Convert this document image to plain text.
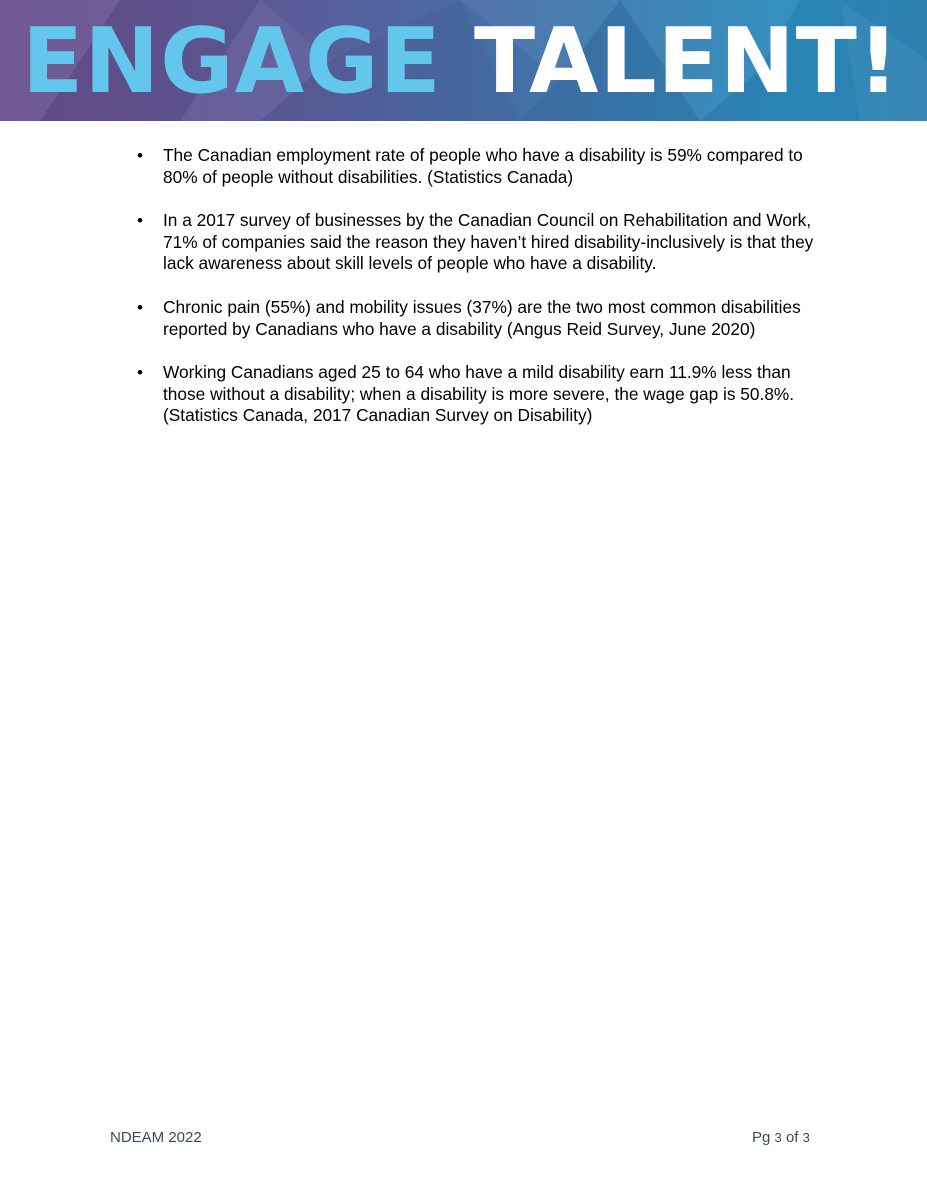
ENGAGE TALENT!
• The Canadian employment rate of people who have a disability is 59% compared to 80% of people without disabilities. (Statistics Canada)
• In a 2017 survey of businesses by the Canadian Council on Rehabilitation and Work, 71% of companies said the reason they haven’t hired disability-inclusively is that they lack awareness about skill levels of people who have a disability.
• Chronic pain (55%) and mobility issues (37%) are the two most common disabilities reported by Canadians who have a disability (Angus Reid Survey, June 2020)
• Working Canadians aged 25 to 64 who have a mild disability earn 11.9% less than those without a disability; when a disability is more severe, the wage gap is 50.8%. (Statistics Canada, 2017 Canadian Survey on Disability)
NDEAM 2022	Pg 3 of 3
